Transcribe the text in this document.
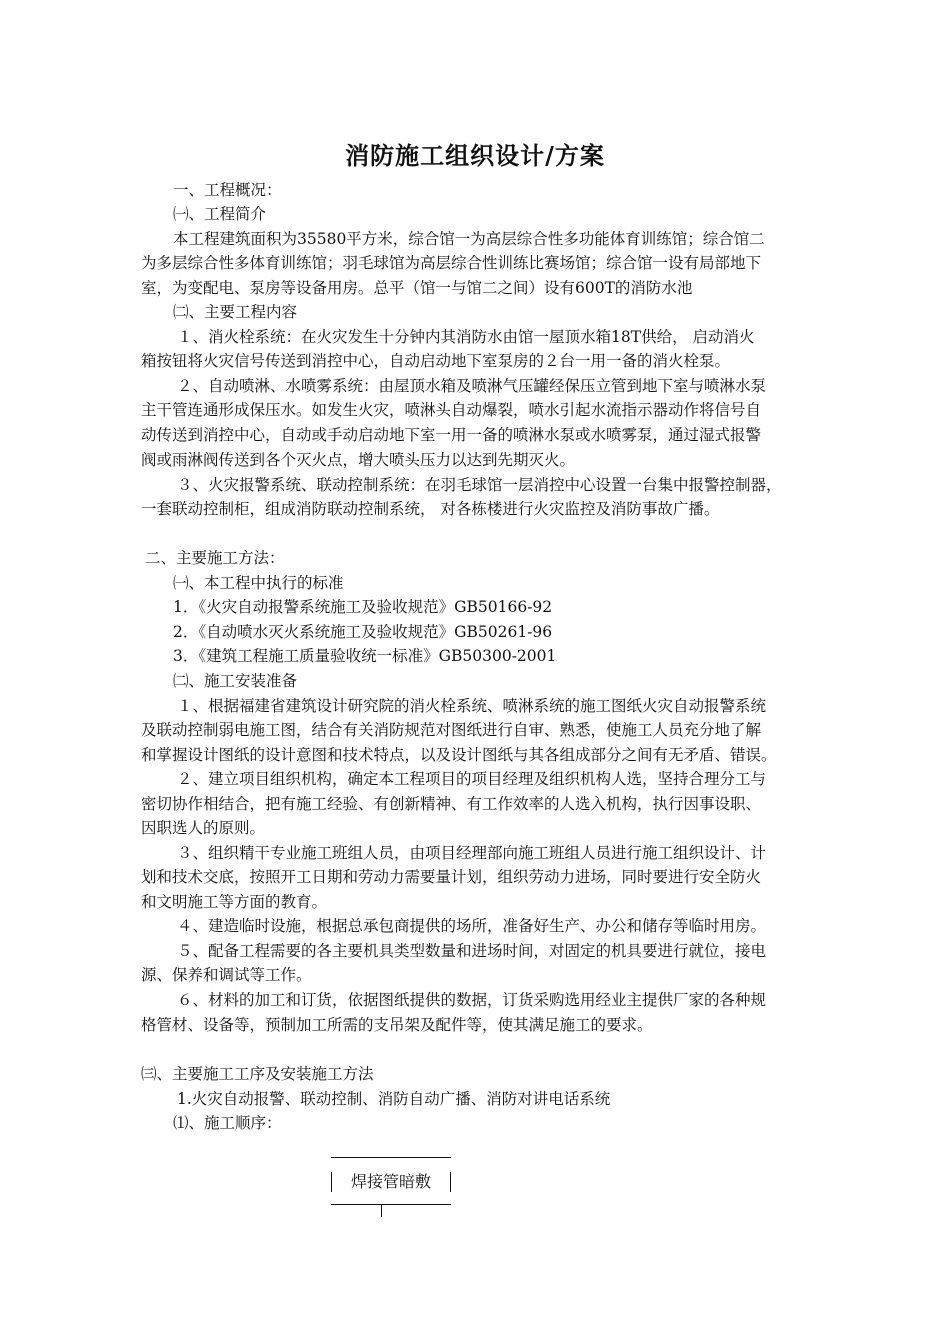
消防施工组织设计/方案
一、工程概况：
㈠、工程简介
本工程建筑面积为35580平方米，综合馆一为高层综合性多功能体育训练馆；综合馆二
为多层综合性多体育训练馆；羽毛球馆为高层综合性训练比赛场馆；综合馆一设有局部地下
室，为变配电、泵房等设备用房。总平（馆一与馆二之间）设有600T的消防水池
㈡、主要工程内容
１、消火栓系统：在火灾发生十分钟内其消防水由馆一屋顶水箱18T供给， 启动消火
箱按钮将火灾信号传送到消控中心，自动启动地下室泵房的２台一用一备的消火栓泵。
２、自动喷淋、水喷雾系统：由屋顶水箱及喷淋气压罐经保压立管到地下室与喷淋水泵
主干管连通形成保压水。如发生火灾，喷淋头自动爆裂，喷水引起水流指示器动作将信号自
动传送到消控中心，自动或手动启动地下室一用一备的喷淋水泵或水喷雾泵，通过湿式报警
阀或雨淋阀传送到各个灭火点，增大喷头压力以达到先期灭火。
３、火灾报警系统、联动控制系统：在羽毛球馆一层消控中心设置一台集中报警控制器，
一套联动控制柜，组成消防联动控制系统， 对各栋楼进行火灾监控及消防事故广播。
二、主要施工方法：
㈠、本工程中执行的标准
1．《火灾自动报警系统施工及验收规范》GB50166-92
2．《自动喷水灭火系统施工及验收规范》GB50261-96
3．《建筑工程施工质量验收统一标准》GB50300-2001
㈡、施工安装准备
１、根据福建省建筑设计研究院的消火栓系统、喷淋系统的施工图纸火灾自动报警系统
及联动控制弱电施工图，结合有关消防规范对图纸进行自审、熟悉，使施工人员充分地了解
和掌握设计图纸的设计意图和技术特点，以及设计图纸与其各组成部分之间有无矛盾、错误。
２、建立项目组织机构，确定本工程项目的项目经理及组织机构人选，坚持合理分工与
密切协作相结合，把有施工经验、有创新精神、有工作效率的人选入机构，执行因事设职、
因职选人的原则。
３、组织精干专业施工班组人员，由项目经理部向施工班组人员进行施工组织设计、计
划和技术交底，按照开工日期和劳动力需要量计划，组织劳动力进场，同时要进行安全防火
和文明施工等方面的教育。
４、建造临时设施，根据总承包商提供的场所，准备好生产、办公和储存等临时用房。
５、配备工程需要的各主要机具类型数量和进场时间，对固定的机具要进行就位，接电
源、保养和调试等工作。
６、材料的加工和订货，依据图纸提供的数据，订货采购选用经业主提供厂家的各种规
格管材、设备等，预制加工所需的支吊架及配件等，使其满足施工的要求。
㈢、主要施工工序及安装施工方法
1.火灾自动报警、联动控制、消防自动广播、消防对讲电话系统
⑴、施工顺序：
焊接管暗敷
